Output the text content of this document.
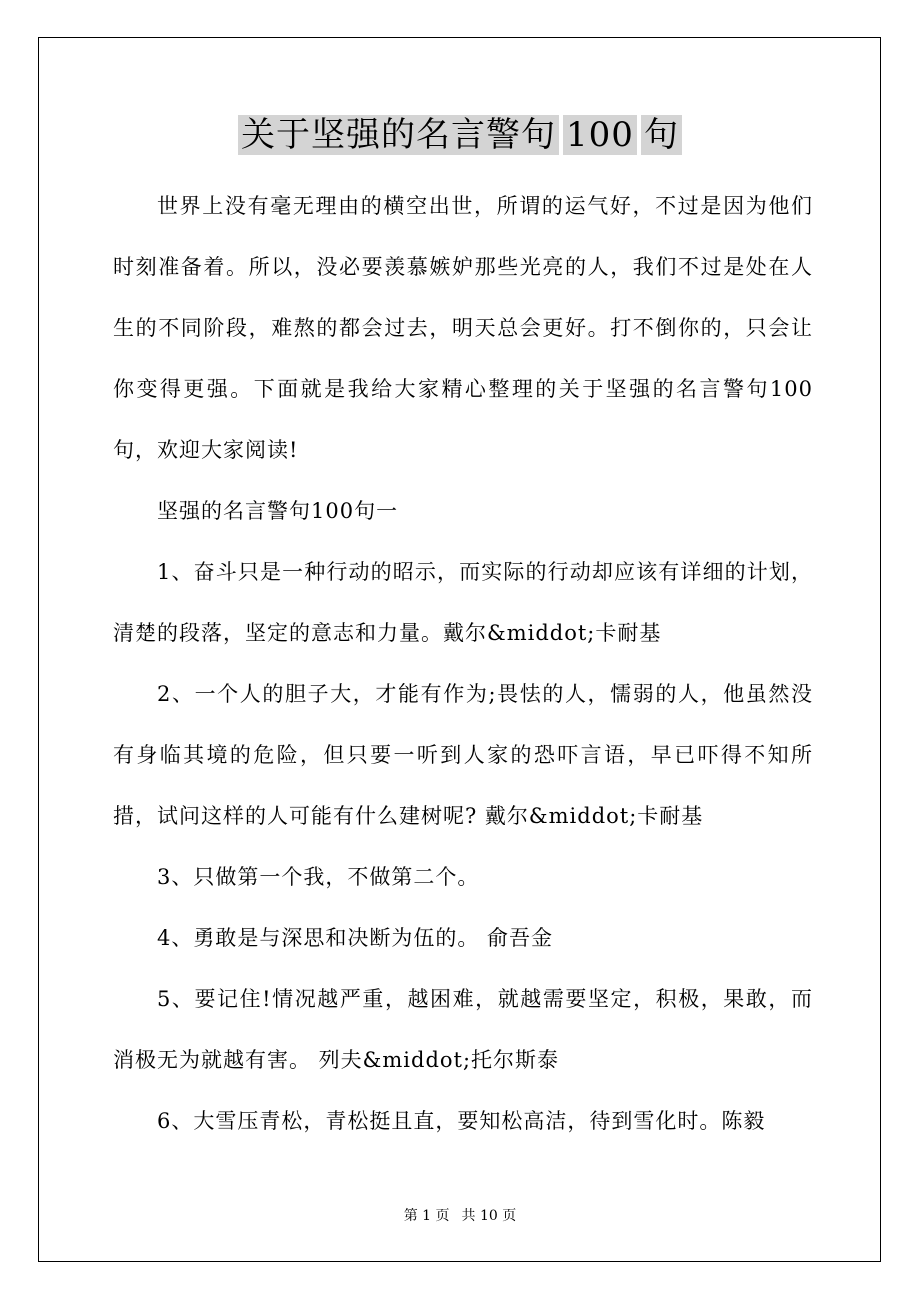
关于坚强的名言警句 100 句

世界上没有毫无理由的横空出世，所谓的运气好，不过是因为他们时刻准备着。所以，没必要羡慕嫉妒那些光亮的人，我们不过是处在人生的不同阶段，难熬的都会过去，明天总会更好。打不倒你的，只会让你变得更强。下面就是我给大家精心整理的关于坚强的名言警句100句，欢迎大家阅读!

坚强的名言警句100句一

1、奋斗只是一种行动的昭示，而实际的行动却应该有详细的计划，清楚的段落，坚定的意志和力量。戴尔&middot;卡耐基

2、一个人的胆子大，才能有作为;畏怯的人，懦弱的人，他虽然没有身临其境的危险，但只要一听到人家的恐吓言语，早已吓得不知所措，试问这样的人可能有什么建树呢? 戴尔&middot;卡耐基

3、只做第一个我，不做第二个。

4、勇敢是与深思和决断为伍的。 俞吾金

5、要记住!情况越严重，越困难，就越需要坚定，积极，果敢，而消极无为就越有害。 列夫&middot;托尔斯泰

6、大雪压青松，青松挺且直，要知松高洁，待到雪化时。陈毅

第 1 页 共 10 页
